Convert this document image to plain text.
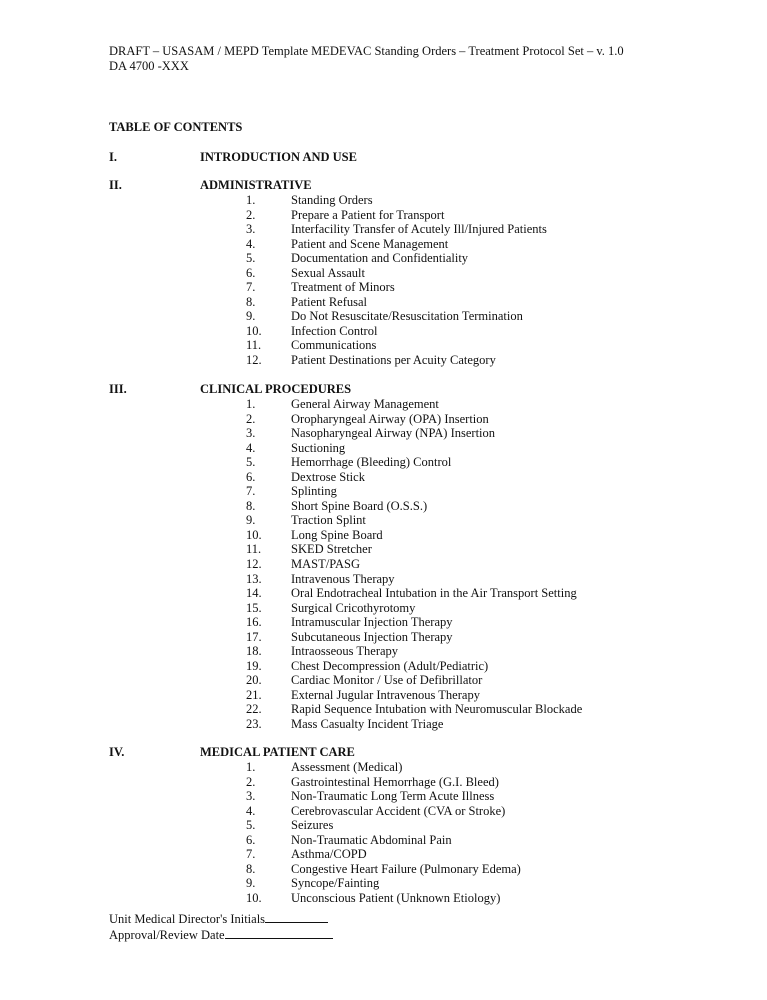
DRAFT – USASAM / MEPD Template MEDEVAC Standing Orders – Treatment Protocol Set – v. 1.0
DA 4700 -XXX
TABLE OF CONTENTS
I.	INTRODUCTION AND USE
II.	ADMINISTRATIVE
1.	Standing Orders
2.	Prepare a Patient for Transport
3.	Interfacility Transfer of Acutely Ill/Injured Patients
4.	Patient and Scene Management
5.	Documentation and Confidentiality
6.	Sexual Assault
7.	Treatment of Minors
8.	Patient Refusal
9.	Do Not Resuscitate/Resuscitation Termination
10. Infection Control
11. Communications
12. Patient Destinations per Acuity Category
III.	CLINICAL PROCEDURES
1.	General Airway Management
2.	Oropharyngeal Airway (OPA) Insertion
3.	Nasopharyngeal Airway (NPA) Insertion
4.	Suctioning
5.	Hemorrhage (Bleeding) Control
6.	Dextrose Stick
7.	Splinting
8.	Short Spine Board (O.S.S.)
9.	Traction Splint
10. Long Spine Board
11. SKED Stretcher
12. MAST/PASG
13. Intravenous Therapy
14. Oral Endotracheal Intubation in the Air Transport Setting
15. Surgical Cricothyrotomy
16. Intramuscular Injection Therapy
17. Subcutaneous Injection Therapy
18. Intraosseous Therapy
19. Chest Decompression (Adult/Pediatric)
20. Cardiac Monitor / Use of Defibrillator
21. External Jugular Intravenous Therapy
22. Rapid Sequence Intubation with Neuromuscular Blockade
23. Mass Casualty Incident Triage
IV.	MEDICAL PATIENT CARE
1.	Assessment (Medical)
2.	Gastrointestinal Hemorrhage (G.I. Bleed)
3.	Non-Traumatic Long Term Acute Illness
4.	Cerebrovascular Accident (CVA or Stroke)
5.	Seizures
6.	Non-Traumatic Abdominal Pain
7.	Asthma/COPD
8.	Congestive Heart Failure (Pulmonary Edema)
9.	Syncope/Fainting
10. Unconscious Patient (Unknown Etiology)
Unit Medical Director's Initials
Approval/Review Date
